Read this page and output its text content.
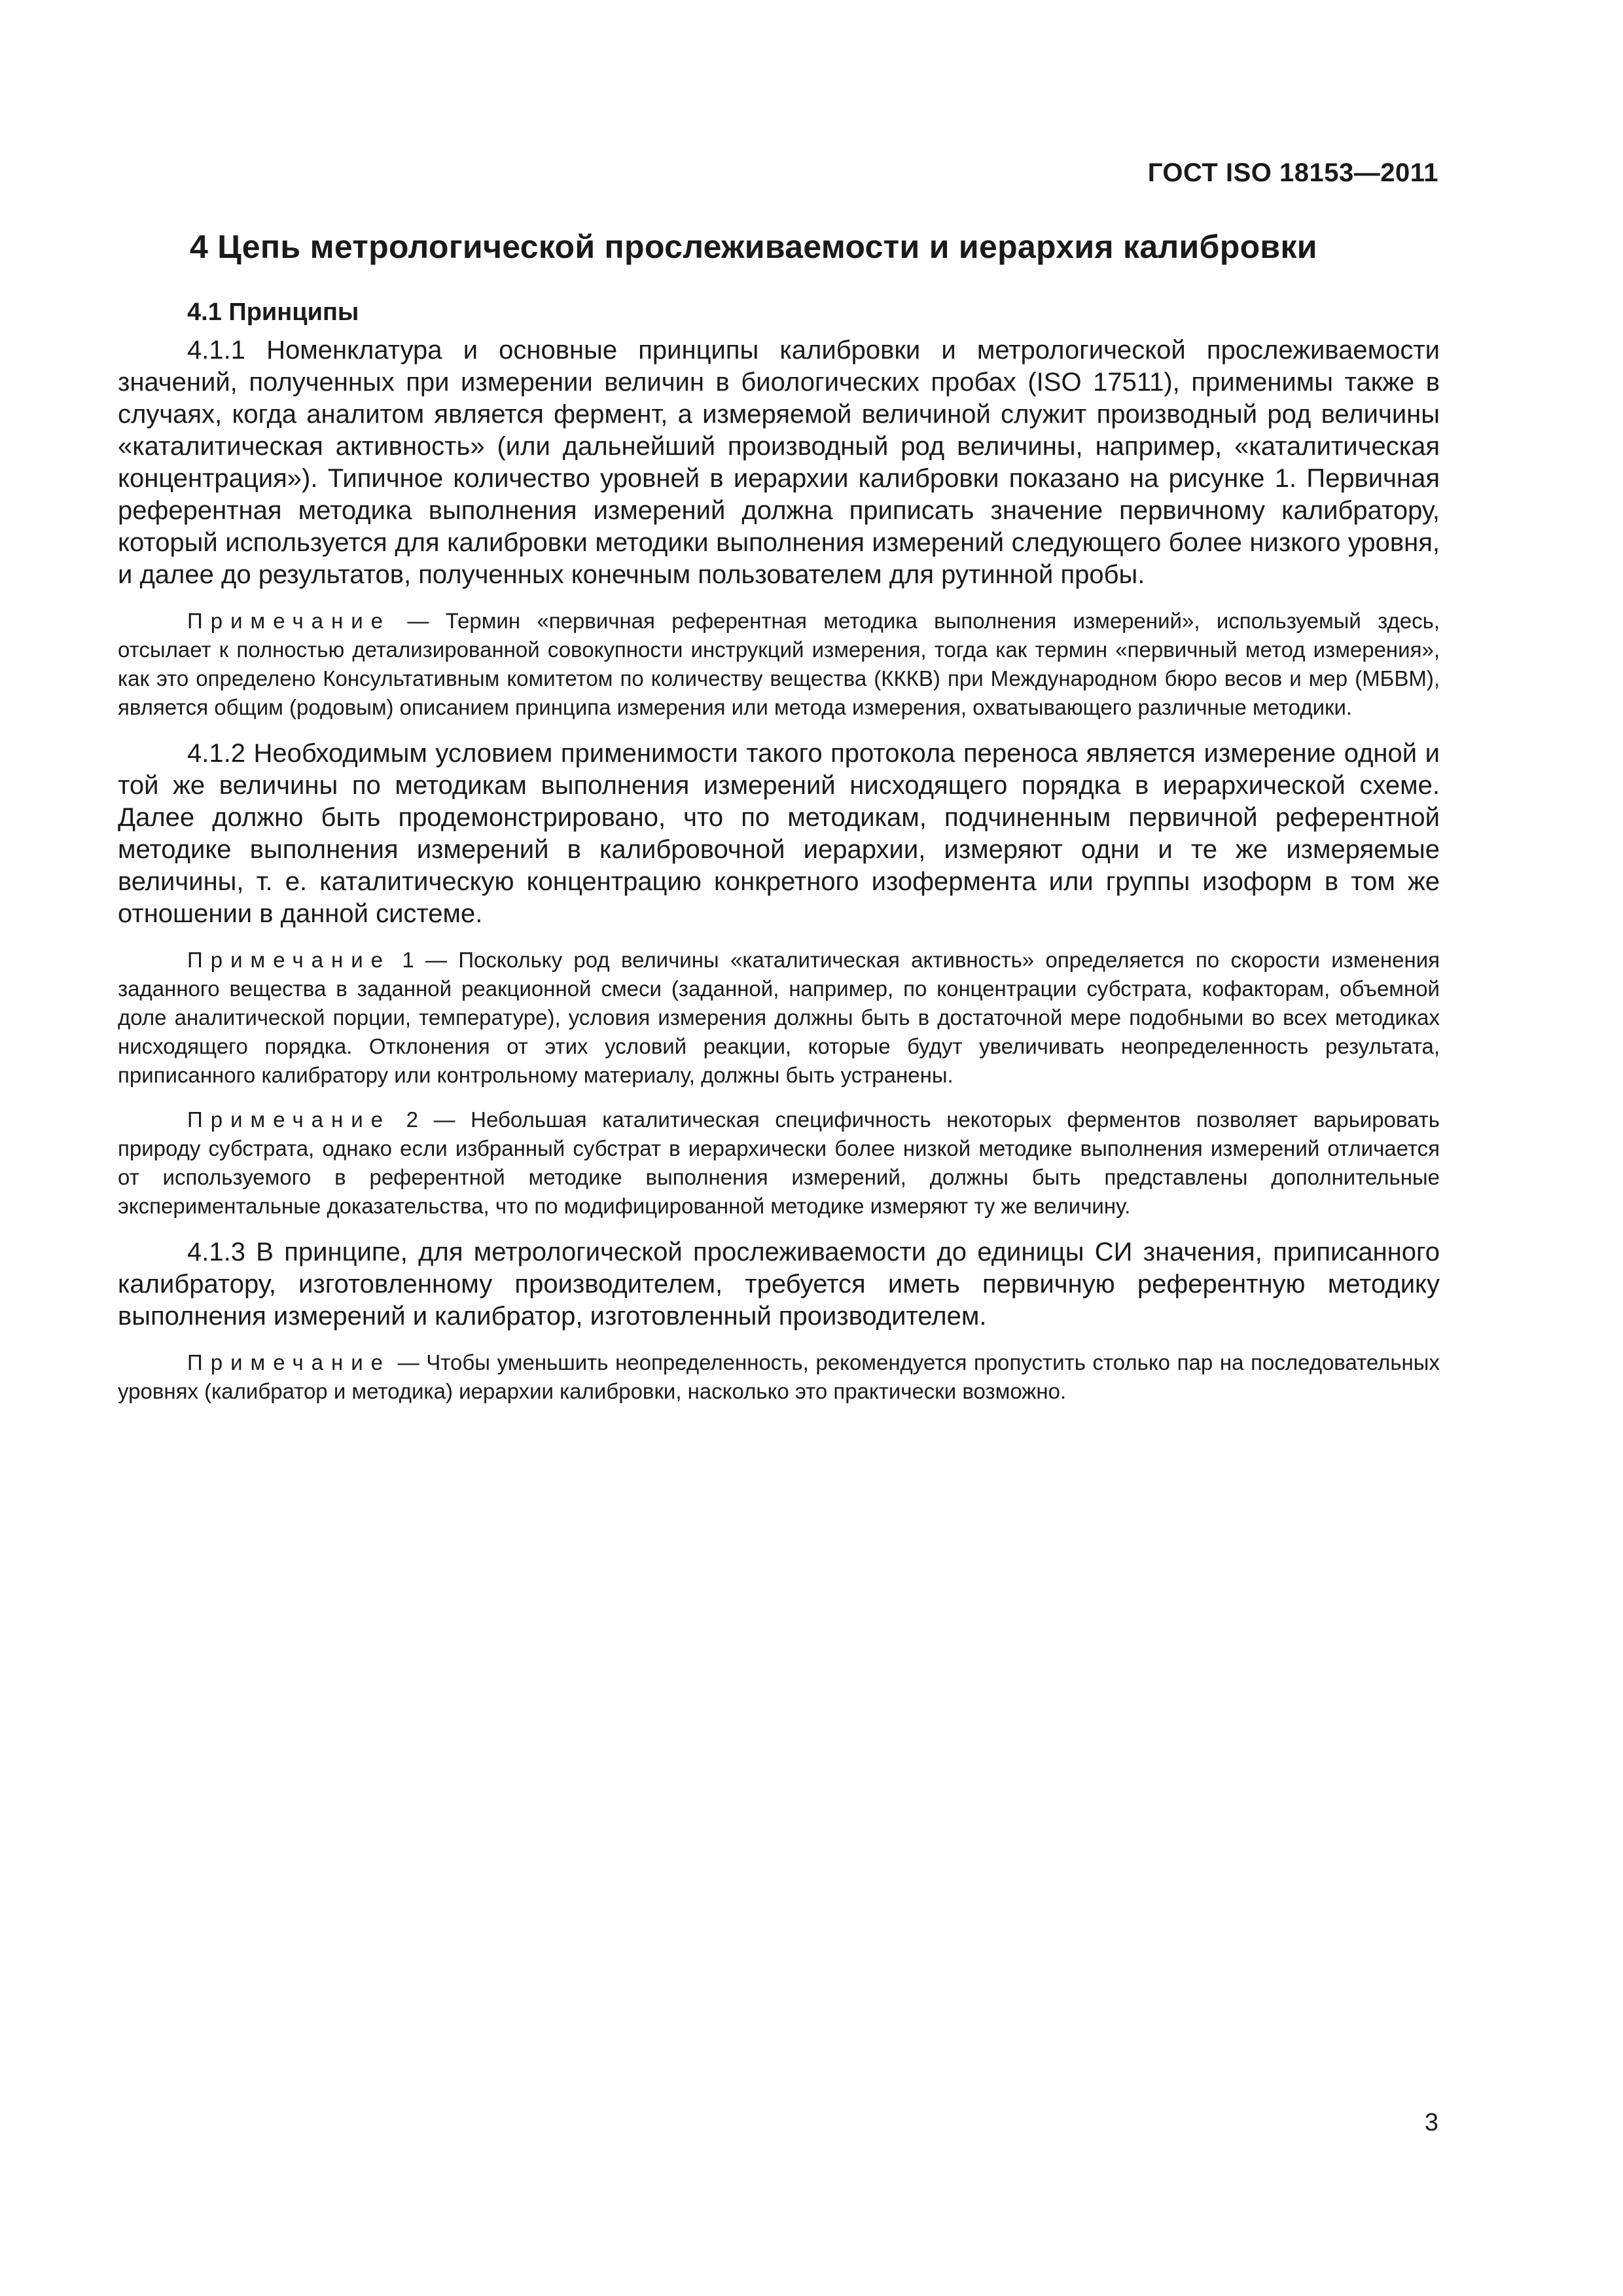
ГОСТ ISO 18153—2011
4 Цепь метрологической прослеживаемости и иерархия калибровки
4.1 Принципы

4.1.1 Номенклатура и основные принципы калибровки и метрологической прослеживаемости значений, полученных при измерении величин в биологических пробах (ISO 17511), применимы также в случаях, когда аналитом является фермент, а измеряемой величиной служит производный род величины «каталитическая активность» (или дальнейший производный род величины, например, «каталитическая концентрация»). Типичное количество уровней в иерархии калибровки показано на рисунке 1. Первичная референтная методика выполнения измерений должна приписать значение первичному калибратору, который используется для калибровки методики выполнения измерений следующего более низкого уровня, и далее до результатов, полученных конечным пользователем для рутинной пробы.

Примечание — Термин «первичная референтная методика выполнения измерений», используемый здесь, отсылает к полностью детализированной совокупности инструкций измерения, тогда как термин «первичный метод измерения», как это определено Консультативным комитетом по количеству вещества (КККВ) при Международном бюро весов и мер (МБВМ), является общим (родовым) описанием принципа измерения или метода измерения, охватывающего различные методики.

4.1.2 Необходимым условием применимости такого протокола переноса является измерение одной и той же величины по методикам выполнения измерений нисходящего порядка в иерархической схеме. Далее должно быть продемонстрировано, что по методикам, подчиненным первичной референтной методике выполнения измерений в калибровочной иерархии, измеряют одни и те же измеряемые величины, т. е. каталитическую концентрацию конкретного изофермента или группы изоформ в том же отношении в данной системе.

Примечание 1 — Поскольку род величины «каталитическая активность» определяется по скорости изменения заданного вещества в заданной реакционной смеси (заданной, например, по концентрации субстрата, кофакторам, объемной доле аналитической порции, температуре), условия измерения должны быть в достаточной мере подобными во всех методиках нисходящего порядка. Отклонения от этих условий реакции, которые будут увеличивать неопределенность результата, приписанного калибратору или контрольному материалу, должны быть устранены.

Примечание 2 — Небольшая каталитическая специфичность некоторых ферментов позволяет варьировать природу субстрата, однако если избранный субстрат в иерархически более низкой методике выполнения измерений отличается от используемого в референтной методике выполнения измерений, должны быть представлены дополнительные экспериментальные доказательства, что по модифицированной методике измеряют ту же величину.

4.1.3 В принципе, для метрологической прослеживаемости до единицы СИ значения, приписанного калибратору, изготовленному производителем, требуется иметь первичную референтную методику выполнения измерений и калибратор, изготовленный производителем.

Примечание — Чтобы уменьшить неопределенность, рекомендуется пропустить столько пар на последовательных уровнях (калибратор и методика) иерархии калибровки, насколько это практически возможно.

3
